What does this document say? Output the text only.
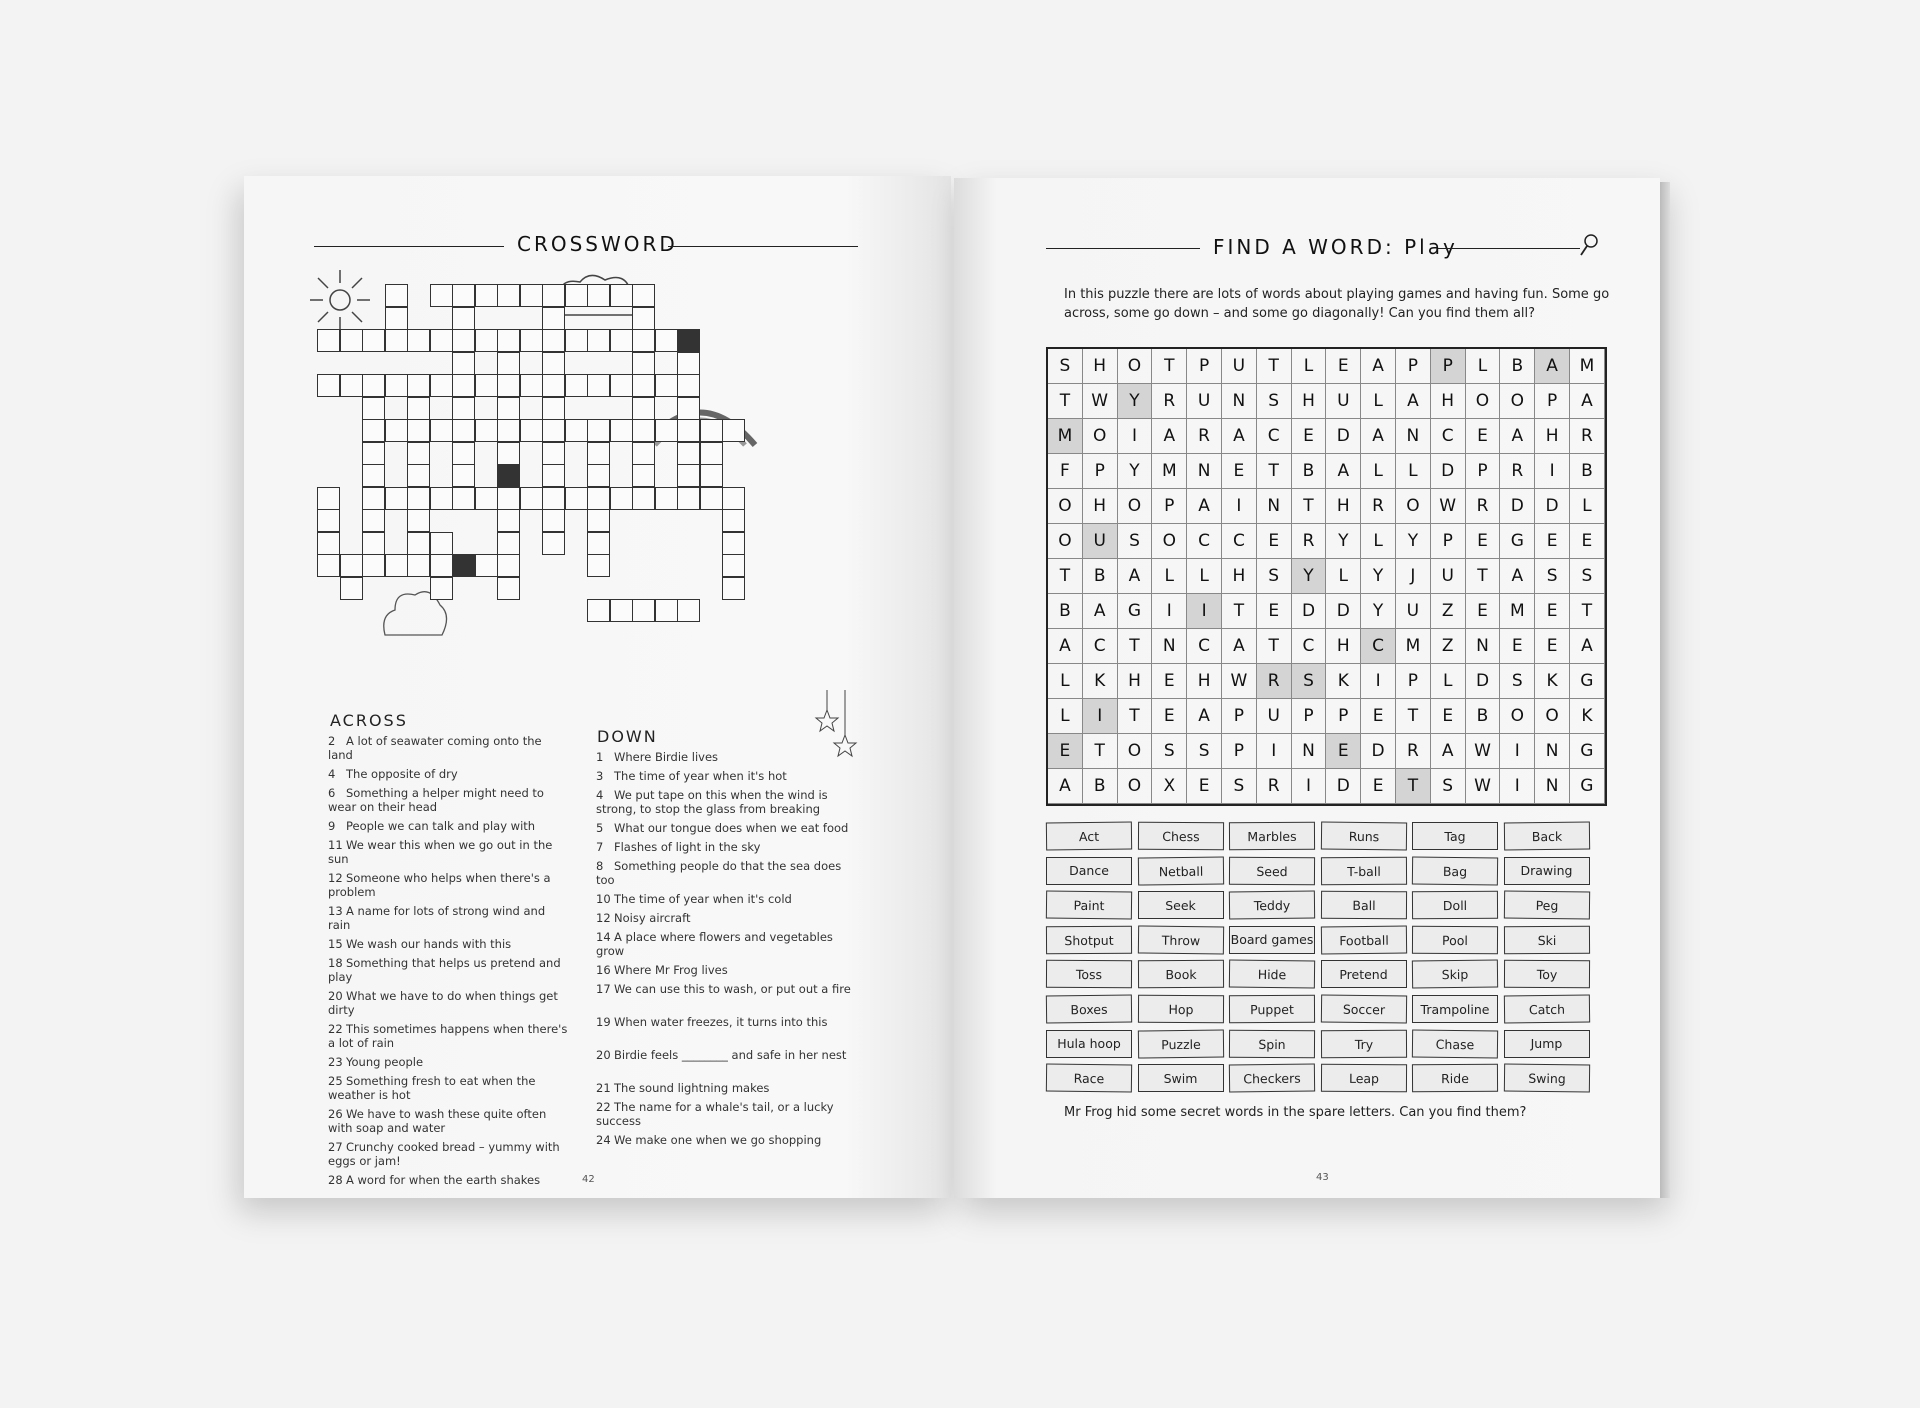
CROSSWORD
ACROSS
2 A lot of seawater coming onto the land
4 The opposite of dry
6 Something a helper might need to wear on their head
9 People we can talk and play with
11 We wear this when we go out in the sun
12 Someone who helps when there's a problem
13 A name for lots of strong wind and rain
15 We wash our hands with this
18 Something that helps us pretend and play
20 What we have to do when things get dirty
22 This sometimes happens when there's a lot of rain
23 Young people
25 Something fresh to eat when the weather is hot
26 We have to wash these quite often with soap and water
27 Crunchy cooked bread – yummy with eggs or jam!
28 A word for when the earth shakes
DOWN
1 Where Birdie lives
3 The time of year when it's hot
4 We put tape on this when the wind is strong, to stop the glass from breaking
5 What our tongue does when we eat food
7 Flashes of light in the sky
8 Something people do that the sea does too
10 The time of year when it's cold
12 Noisy aircraft
14 A place where flowers and vegetables grow
16 Where Mr Frog lives
17 We can use this to wash, or put out a fire
19 When water freezes, it turns into this
20 Birdie feels ________ and safe in her nest
21 The sound lightning makes
22 The name for a whale's tail, or a lucky success
24 We make one when we go shopping
42
FIND A WORD: Play
In this puzzle there are lots of words about playing games and having fun. Some go
across, some go down – and some go diagonally! Can you find them all?
S	H	O	T	P	U	T	L	E	A	P	P	L	B	A	M
T	W	Y	R	U	N	S	H	U	L	A	H	O	O	P	A
M	O	I	A	R	A	C	E	D	A	N	C	E	A	H	R
F	P	Y	M	N	E	T	B	A	L	L	D	P	R	I	B
O	H	O	P	A	I	N	T	H	R	O	W	R	D	D	L
O	U	S	O	C	C	E	R	Y	L	Y	P	E	G	E	E
T	B	A	L	L	H	S	Y	L	Y	J	U	T	A	S	S
B	A	G	I	I	T	E	D	D	Y	U	Z	E	M	E	T
A	C	T	N	C	A	T	C	H	C	M	Z	N	E	E	A
L	K	H	E	H	W	R	S	K	I	P	L	D	S	K	G
L	I	T	E	A	P	U	P	P	E	T	E	B	O	O	K
E	T	O	S	S	P	I	N	E	D	R	A	W	I	N	G
A	B	O	X	E	S	R	I	D	E	T	S	W	I	N	G
Act	Chess	Marbles	Runs	Tag	Back
Dance	Netball	Seed	T-ball	Bag	Drawing
Paint	Seek	Teddy	Ball	Doll	Peg
Shotput	Throw	Board games	Football	Pool	Ski
Toss	Book	Hide	Pretend	Skip	Toy
Boxes	Hop	Puppet	Soccer	Trampoline	Catch
Hula hoop	Puzzle	Spin	Try	Chase	Jump
Race	Swim	Checkers	Leap	Ride	Swing
Mr Frog hid some secret words in the spare letters. Can you find them?
43
